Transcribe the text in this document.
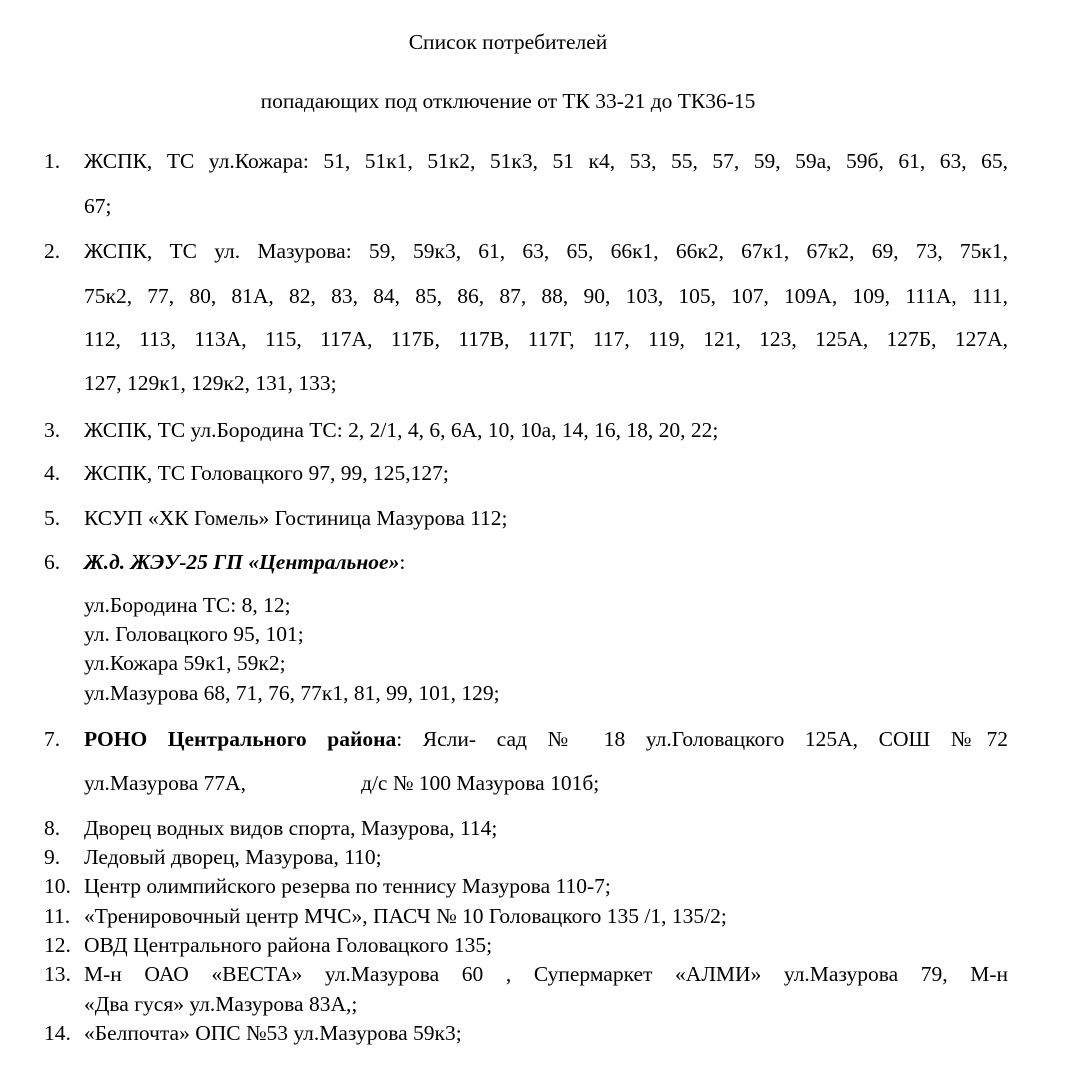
Список потребителей
попадающих под отключение от ТК 33-21 до ТК36-15
1. ЖСПК, ТС ул.Кожара: 51, 51к1, 51к2, 51к3, 51 к4, 53, 55, 57, 59, 59а, 59б, 61, 63, 65,
67;
2. ЖСПК, ТС ул. Мазурова: 59, 59к3, 61, 63, 65, 66к1, 66к2, 67к1, 67к2, 69, 73, 75к1,
75к2, 77, 80, 81А, 82, 83, 84, 85, 86, 87, 88, 90, 103, 105, 107, 109А, 109, 111А, 111,
112, 113, 113А, 115, 117А, 117Б, 117В, 117Г, 117, 119, 121, 123, 125А, 127Б, 127А,
127, 129к1, 129к2, 131, 133;
3. ЖСПК, ТС ул.Бородина ТС: 2, 2/1, 4, 6, 6А, 10, 10а, 14, 16, 18, 20, 22;
4. ЖСПК, ТС Головацкого 97, 99, 125,127;
5. КСУП «ХК Гомель» Гостиница Мазурова 112;
6. Ж.д. ЖЭУ-25 ГП «Центральное»:
ул.Бородина ТС: 8, 12;
ул. Головацкого 95, 101;
ул.Кожара 59к1, 59к2;
ул.Мазурова 68, 71, 76, 77к1, 81, 99, 101, 129;
7. РОНО Центрального района: Ясли- сад № 18 ул.Головацкого 125А, СОШ №72
ул.Мазурова 77А,	д/с № 100 Мазурова 101б;
8. Дворец водных видов спорта, Мазурова, 114;
9. Ледовый дворец, Мазурова, 110;
10. Центр олимпийского резерва по теннису Мазурова 110-7;
11. «Тренировочный центр МЧС», ПАСЧ № 10 Головацкого 135 /1, 135/2;
12. ОВД Центрального района Головацкого 135;
13. М-н ОАО «ВЕСТА» ул.Мазурова 60 , Супермаркет «АЛМИ» ул.Мазурова 79, М-н
«Два гуся» ул.Мазурова 83А,;
14. «Белпочта» ОПС №53 ул.Мазурова 59к3;
